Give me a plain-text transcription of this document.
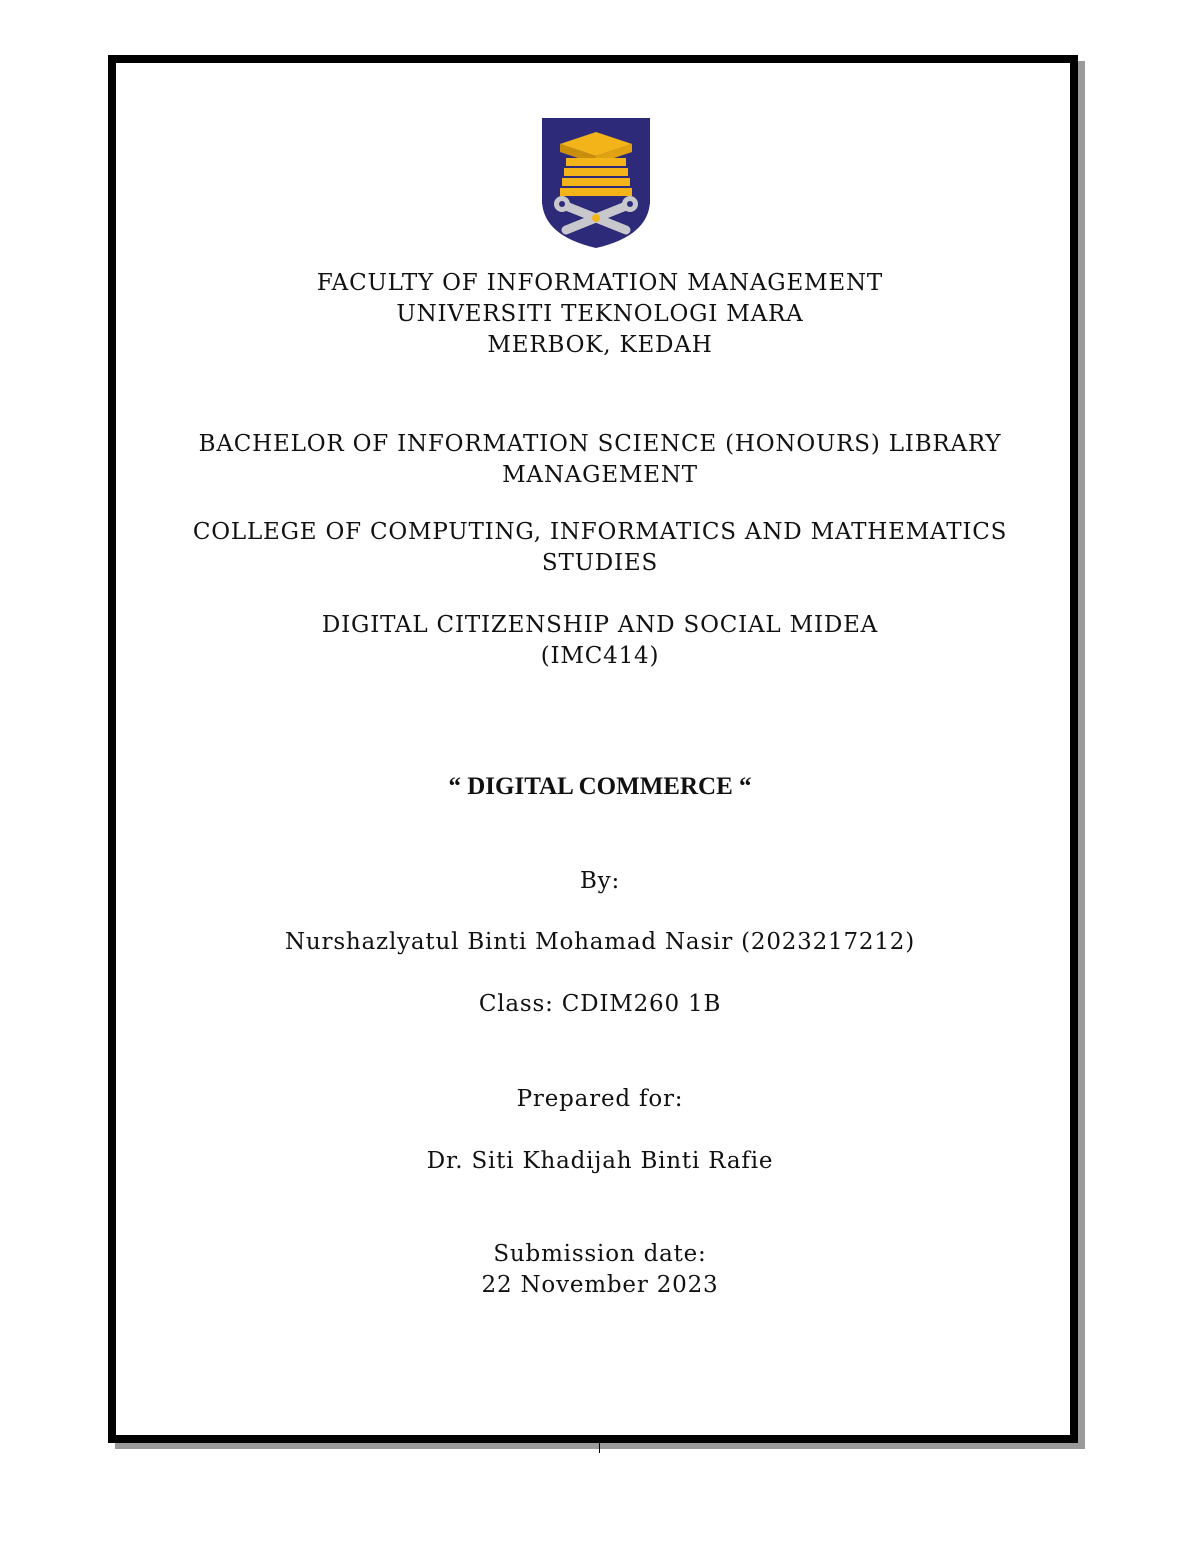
FACULTY OF INFORMATION MANAGEMENT
UNIVERSITI TEKNOLOGI MARA
MERBOK, KEDAH
BACHELOR OF INFORMATION SCIENCE (HONOURS) LIBRARY
MANAGEMENT
COLLEGE OF COMPUTING, INFORMATICS AND MATHEMATICS
STUDIES
DIGITAL CITIZENSHIP AND SOCIAL MIDEA
(IMC414)
“ DIGITAL COMMERCE “
By:
Nurshazlyatul Binti Mohamad Nasir (2023217212)
Class: CDIM260 1B
Prepared for:
Dr. Siti Khadijah Binti Rafie
Submission date:
22 November 2023
